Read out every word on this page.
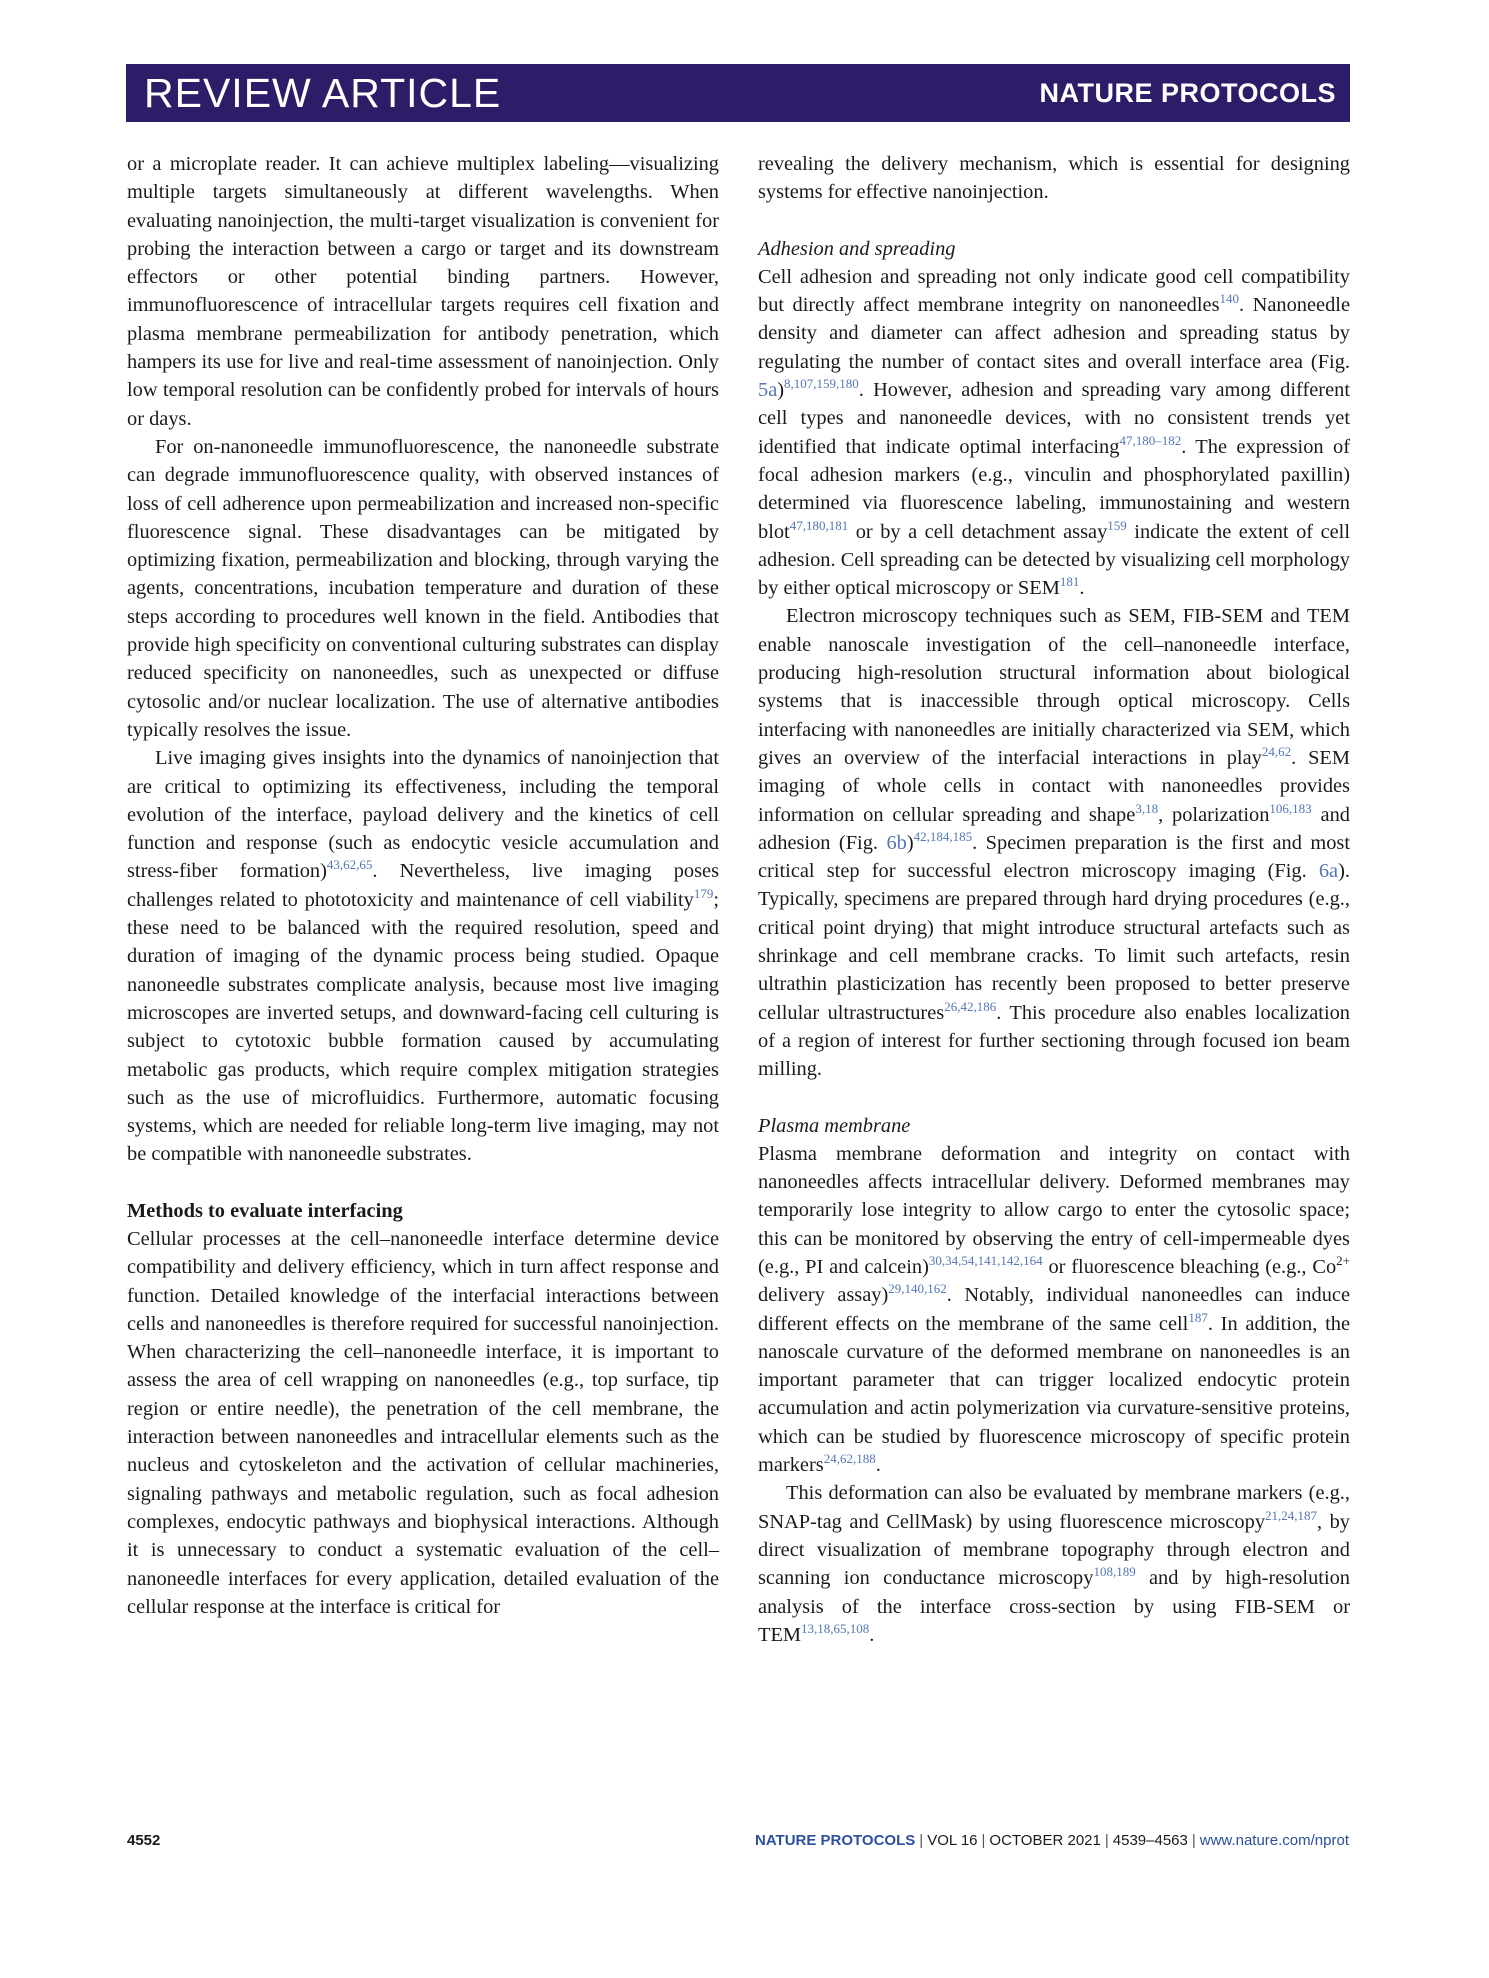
REVIEW ARTICLE	NATURE PROTOCOLS

or a microplate reader. It can achieve multiplex labeling—visualizing multiple targets simultaneously at different wavelengths. When evaluating nanoinjection, the multi-target visualization is convenient for probing the interaction between a cargo or target and its downstream effectors or other potential binding partners. However, immunofluorescence of intracellular targets requires cell fixation and plasma membrane permeabilization for antibody penetration, which hampers its use for live and real-time assessment of nanoinjection. Only low temporal resolution can be confidently probed for intervals of hours or days.

For on-nanoneedle immunofluorescence, the nanoneedle substrate can degrade immunofluorescence quality, with observed instances of loss of cell adherence upon permeabilization and increased non-specific fluorescence signal. These disadvantages can be mitigated by optimizing fixation, permeabilization and blocking, through varying the agents, concentrations, incubation temperature and duration of these steps according to procedures well known in the field. Antibodies that provide high specificity on conventional culturing substrates can display reduced specificity on nanoneedles, such as unexpected or diffuse cytosolic and/or nuclear localization. The use of alternative antibodies typically resolves the issue.

Live imaging gives insights into the dynamics of nanoinjection that are critical to optimizing its effectiveness, including the temporal evolution of the interface, payload delivery and the kinetics of cell function and response (such as endocytic vesicle accumulation and stress-fiber formation)$^{43,62,65}$. Nevertheless, live imaging poses challenges related to phototoxicity and maintenance of cell viability$^{179}$; these need to be balanced with the required resolution, speed and duration of imaging of the dynamic process being studied. Opaque nanoneedle substrates complicate analysis, because most live imaging microscopes are inverted setups, and downward-facing cell culturing is subject to cytotoxic bubble formation caused by accumulating metabolic gas products, which require complex mitigation strategies such as the use of microfluidics. Furthermore, automatic focusing systems, which are needed for reliable long-term live imaging, may not be compatible with nanoneedle substrates.

Methods to evaluate interfacing

Cellular processes at the cell–nanoneedle interface determine device compatibility and delivery efficiency, which in turn affect response and function. Detailed knowledge of the interfacial interactions between cells and nanoneedles is therefore required for successful nanoinjection. When characterizing the cell–nanoneedle interface, it is important to assess the area of cell wrapping on nanoneedles (e.g., top surface, tip region or entire needle), the penetration of the cell membrane, the interaction between nanoneedles and intracellular elements such as the nucleus and cytoskeleton and the activation of cellular machineries, signaling pathways and metabolic regulation, such as focal adhesion complexes, endocytic pathways and biophysical interactions. Although it is unnecessary to conduct a systematic evaluation of the cell–nanoneedle interfaces for every application, detailed evaluation of the cellular response at the interface is critical for

revealing the delivery mechanism, which is essential for designing systems for effective nanoinjection.

Adhesion and spreading

Cell adhesion and spreading not only indicate good cell compatibility but directly affect membrane integrity on nanoneedles$^{140}$. Nanoneedle density and diameter can affect adhesion and spreading status by regulating the number of contact sites and overall interface area (Fig. 5a)$^{8,107,159,180}$. However, adhesion and spreading vary among different cell types and nanoneedle devices, with no consistent trends yet identified that indicate optimal interfacing$^{47,180-182}$. The expression of focal adhesion markers (e.g., vinculin and phosphorylated paxillin) determined via fluorescence labeling, immunostaining and western blot$^{47,180,181}$ or by a cell detachment assay$^{159}$ indicate the extent of cell adhesion. Cell spreading can be detected by visualizing cell morphology by either optical microscopy or SEM$^{181}$.

Electron microscopy techniques such as SEM, FIB-SEM and TEM enable nanoscale investigation of the cell–nanoneedle interface, producing high-resolution structural information about biological systems that is inaccessible through optical microscopy. Cells interfacing with nanoneedles are initially characterized via SEM, which gives an overview of the interfacial interactions in play$^{24,62}$. SEM imaging of whole cells in contact with nanoneedles provides information on cellular spreading and shape$^{3,18}$, polarization$^{106,183}$ and adhesion (Fig. 6b)$^{42,184,185}$. Specimen preparation is the first and most critical step for successful electron microscopy imaging (Fig. 6a). Typically, specimens are prepared through hard drying procedures (e.g., critical point drying) that might introduce structural artefacts such as shrinkage and cell membrane cracks. To limit such artefacts, resin ultrathin plasticization has recently been proposed to better preserve cellular ultrastructures$^{26,42,186}$. This procedure also enables localization of a region of interest for further sectioning through focused ion beam milling.

Plasma membrane

Plasma membrane deformation and integrity on contact with nanoneedles affects intracellular delivery. Deformed membranes may temporarily lose integrity to allow cargo to enter the cytosolic space; this can be monitored by observing the entry of cell-impermeable dyes (e.g., PI and calcein)$^{30,34,54,141,142,164}$ or fluorescence bleaching (e.g., $Co^{2+}$ delivery assay)$^{29,140,162}$. Notably, individual nanoneedles can induce different effects on the membrane of the same cell$^{187}$. In addition, the nanoscale curvature of the deformed membrane on nanoneedles is an important parameter that can trigger localized endocytic protein accumulation and actin polymerization via curvature-sensitive proteins, which can be studied by fluorescence microscopy of specific protein markers$^{24,62,188}$.

This deformation can also be evaluated by membrane markers (e.g., SNAP-tag and CellMask) by using fluorescence microscopy$^{21,24,187}$, by direct visualization of membrane topography through electron and scanning ion conductance microscopy$^{108,189}$ and by high-resolution analysis of the interface cross-section by using FIB-SEM or TEM$^{13,18,65,108}$.

4552	NATURE PROTOCOLS | VOL 16 | OCTOBER 2021 | 4539–4563 | www.nature.com/nprot
